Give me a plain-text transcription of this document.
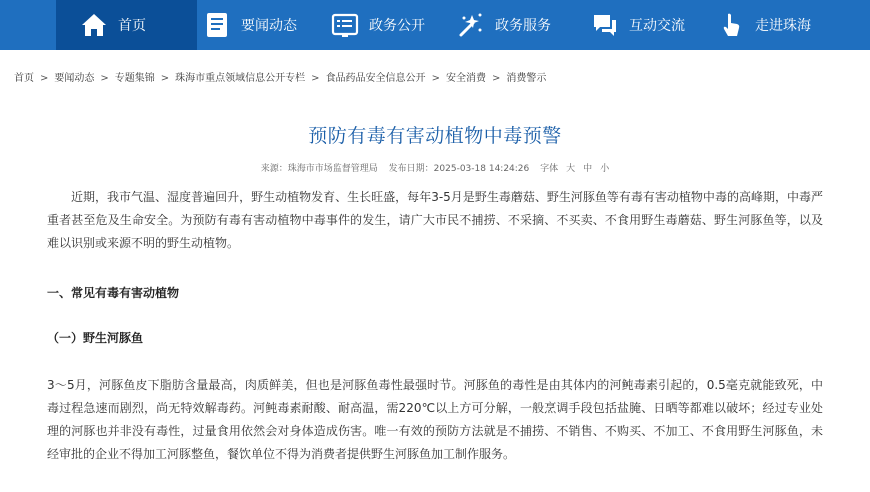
首页	要闻动态	政务公开	政务服务	互动交流	走进珠海
首页 > 要闻动态 > 专题集锦 > 珠海市重点领域信息公开专栏 > 食品药品安全信息公开 > 安全消费 > 消费警示
预防有毒有害动植物中毒预警
来源：珠海市市场监督管理局 发布日期：2025-03-18 14:24:26 字体 大 中 小

近期，我市气温、湿度普遍回升，野生动植物发育、生长旺盛，每年3-5月是野生毒蘑菇、野生河豚鱼等有毒有害动植物中毒的高峰期，中毒严重者甚至危及生命安全。为预防有毒有害动植物中毒事件的发生，请广大市民不捕捞、不采摘、不买卖、不食用野生毒蘑菇、野生河豚鱼等，以及难以识别或来源不明的野生动植物。

一、常见有毒有害动植物
（一）野生河豚鱼

3～5月，河豚鱼皮下脂肪含量最高，肉质鲜美，但也是河豚鱼毒性最强时节。河豚鱼的毒性是由其体内的河鲀毒素引起的，0.5毫克就能致死，中毒过程急速而剧烈，尚无特效解毒药。河鲀毒素耐酸、耐高温，需220℃以上方可分解，一般烹调手段包括盐腌、日晒等都难以破坏；经过专业处理的河豚也并非没有毒性，过量食用依然会对身体造成伤害。唯一有效的预防方法就是不捕捞、不销售、不购买、不加工、不食用野生河豚鱼，未经审批的企业不得加工河豚整鱼，餐饮单位不得为消费者提供野生河豚鱼加工制作服务。
